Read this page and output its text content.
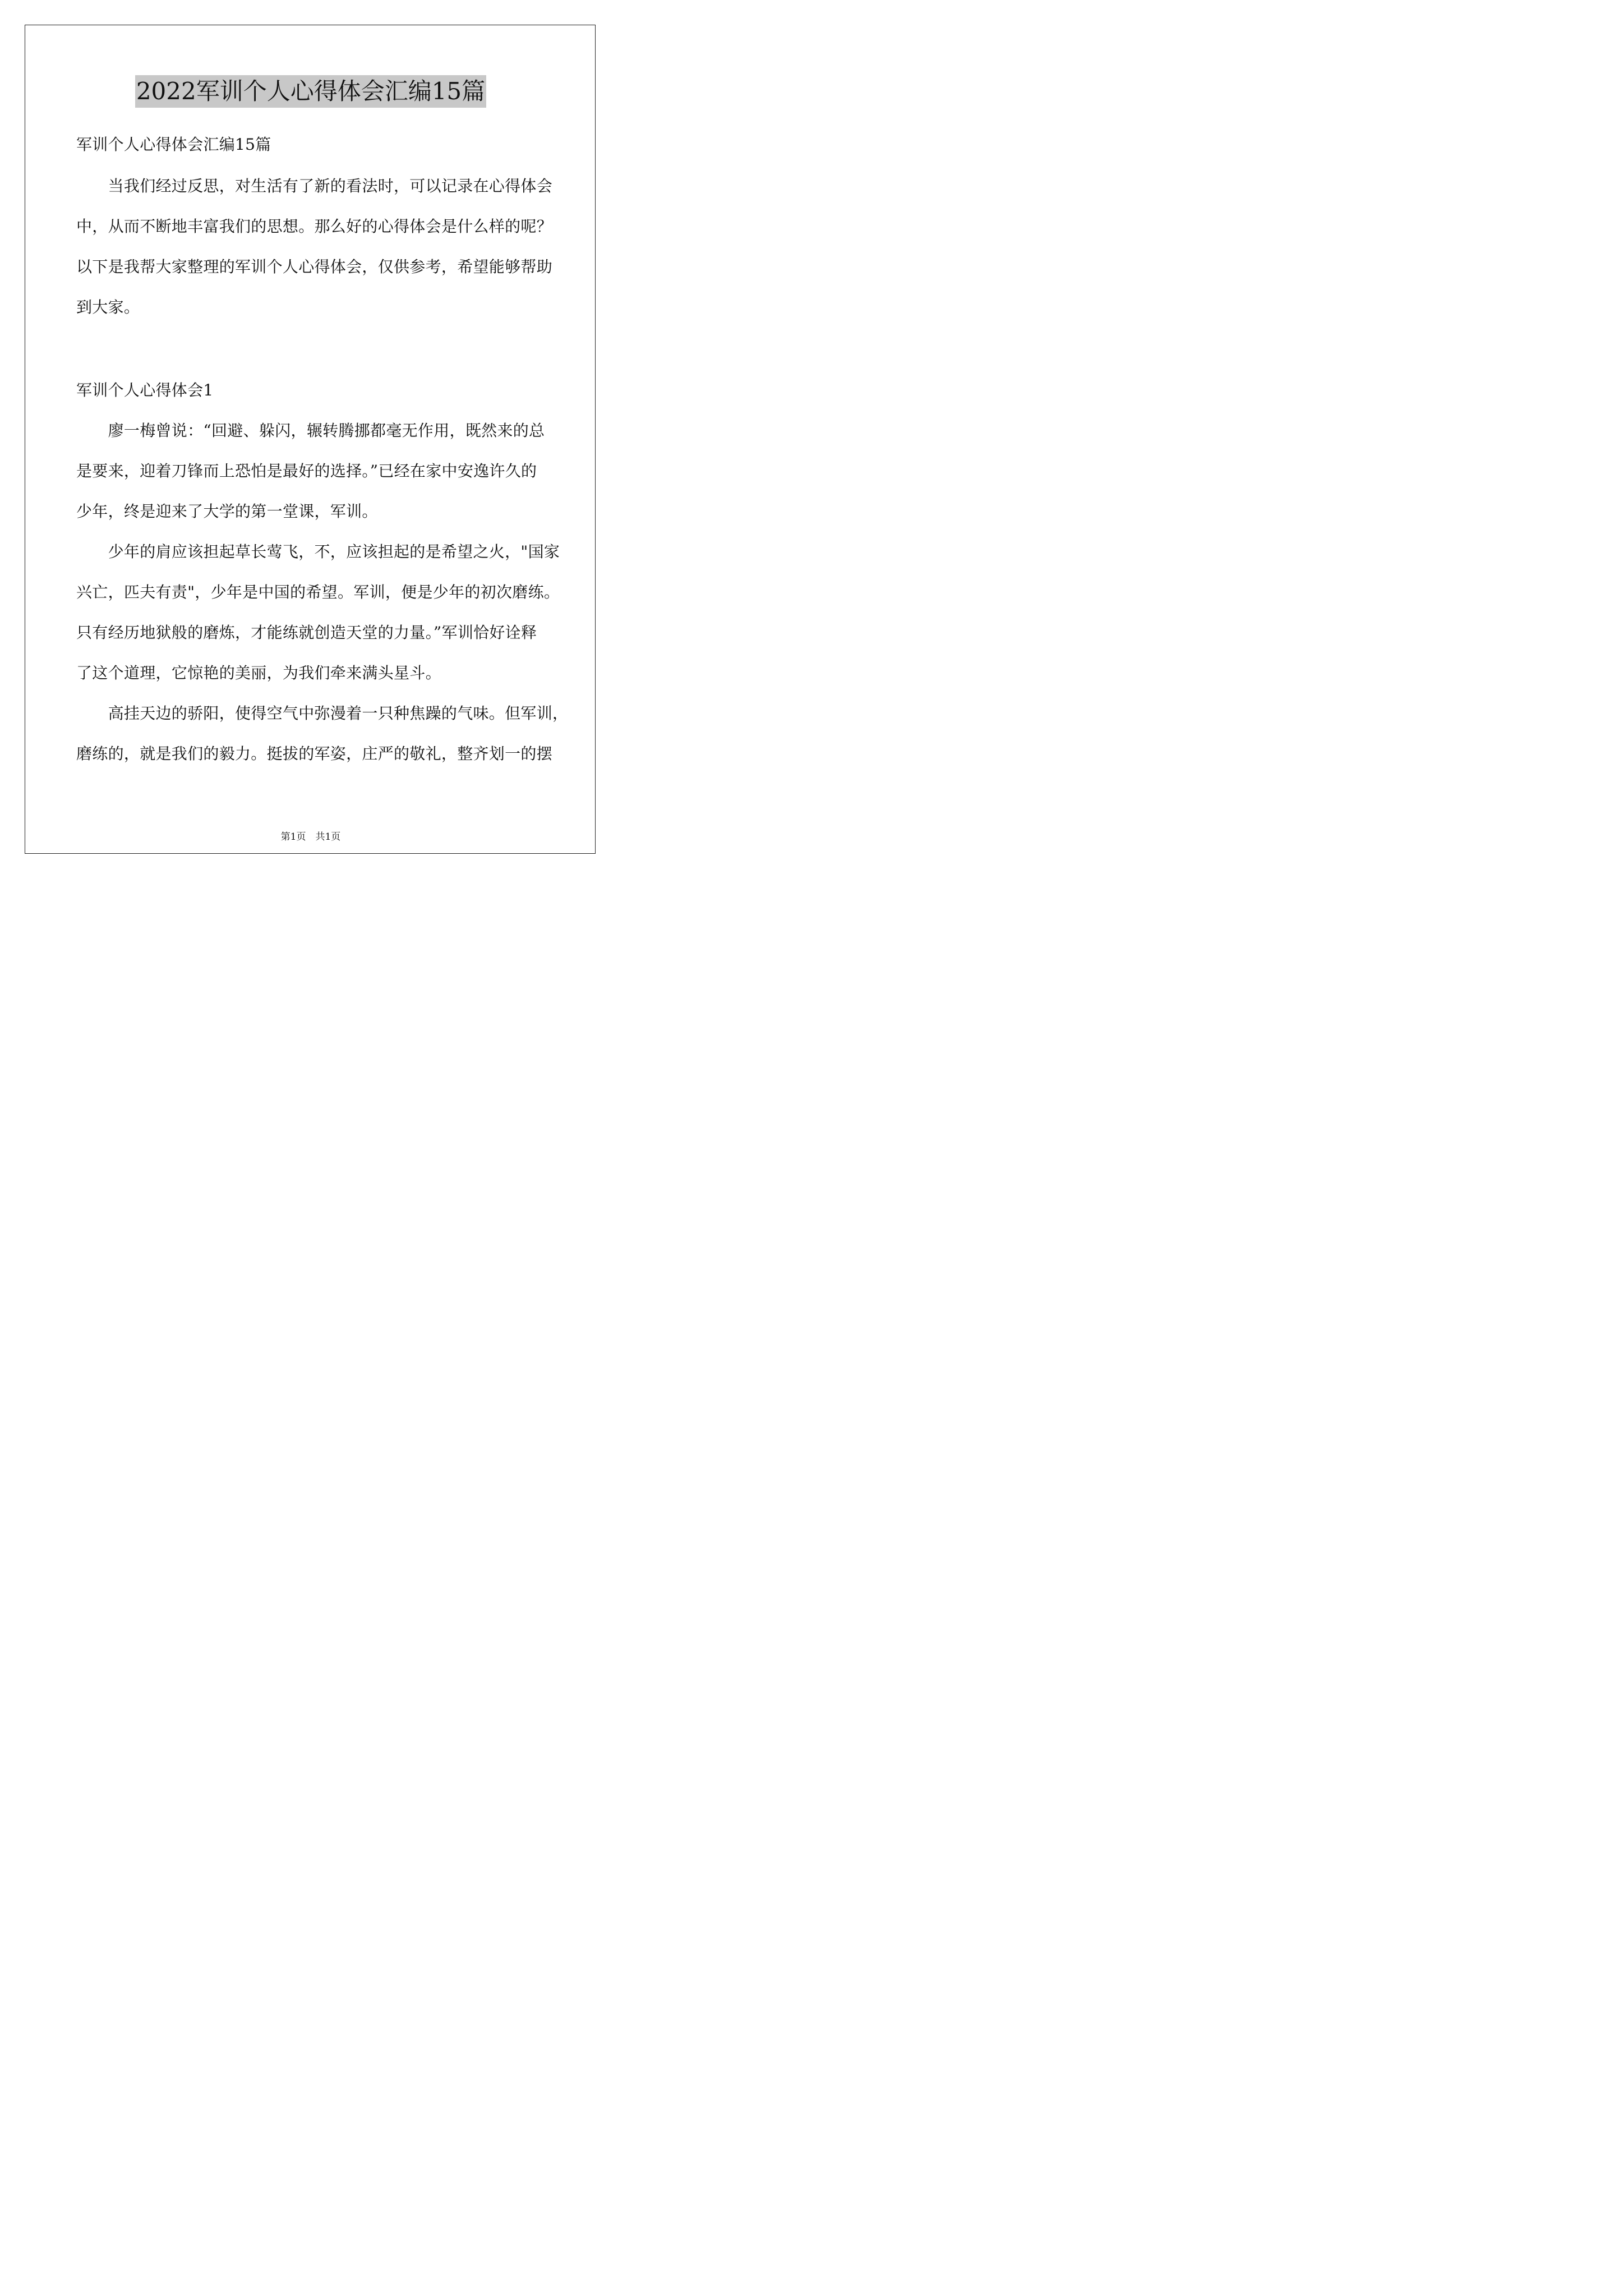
2022军训个人心得体会汇编15篇
军训个人心得体会汇编15篇
　　当我们经过反思，对生活有了新的看法时，可以记录在心得体会
中，从而不断地丰富我们的思想。那么好的心得体会是什么样的呢？
以下是我帮大家整理的军训个人心得体会，仅供参考，希望能够帮助
到大家。
军训个人心得体会1
　　廖一梅曾说：“回避、躲闪，辗转腾挪都毫无作用，既然来的总
是要来，迎着刀锋而上恐怕是最好的选择。”已经在家中安逸许久的
少年，终是迎来了大学的第一堂课，军训。
　　少年的肩应该担起草长莺飞，不，应该担起的是希望之火，"国家
兴亡，匹夫有责"，少年是中国的希望。军训，便是少年的初次磨练。
只有经历地狱般的磨炼，才能练就创造天堂的力量。”军训恰好诠释
了这个道理，它惊艳的美丽，为我们牵来满头星斗。
　　高挂天边的骄阳，使得空气中弥漫着一只种焦躁的气味。但军训，
磨练的，就是我们的毅力。挺拔的军姿，庄严的敬礼，整齐划一的摆
第1页　共1页
